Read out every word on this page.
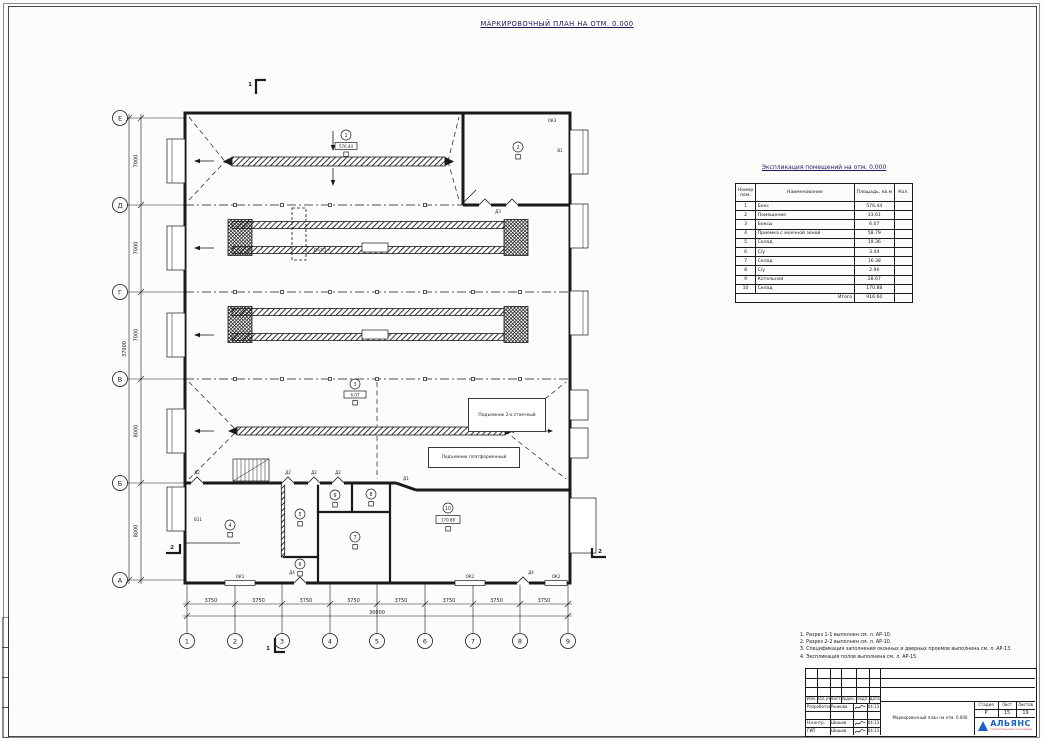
Е
Д
Г
В
Б
А
1	2	3	4	5	6	7	8	9
7000
7000
7000
8000
8000
37000
3750	3750	3750	3750	3750	3750	3750	3750
30000
Q=3,2 т
1
576.44	2
3
6.07
4
5
6
7
8
9
10
170.88
ОК3
В1
В11
Д2	Д2	Д2	Д2
Д1
Д3
ОК1
Д4
ОК2
Д4
ОК2
1
1
2
2
МАРКИРОВОЧНЫЙ ПЛАН НА ОТМ. 0.000
Подъемник 2-х стоечный
Подъемник платформенный
Экспликация помещений на отм. 0.000
Номер пом.	Наименование	Площадь, кв.м	Кол.
1	Бокс	576.44	
2	Помещение	33.61	
3	Боксы	6.07	
4	Приемка с моечной зоной	58.79	
5	Склад	19.36	
6	С/у	3.44	
7	Склад	16.38	
8	С/у	2.96	
9	Котельная	28.67	
10	Склад	170.88	
Итого		916.60	
1. Разрез 1-1 выполнен см. л. АР-10.
2. Разрез 2-2 выполнен см. л. АР-10.
3. Спецификация заполнения оконных и дверных проемов выполнена см. л. АР-13.
4. Экспликация полов выполнена см. л. АР-15.
Изм. Кол.уч Лист №док. Подп. Дата
Разработал Рыжова	04.13
Н.контр.	Шишов	04.13
ГИП	Шишов	04.13
Маркировочный план на отм. 0.000
Стадия	Лист	Листов
Р	15	19
АЛЬЯНС
строительная компания
